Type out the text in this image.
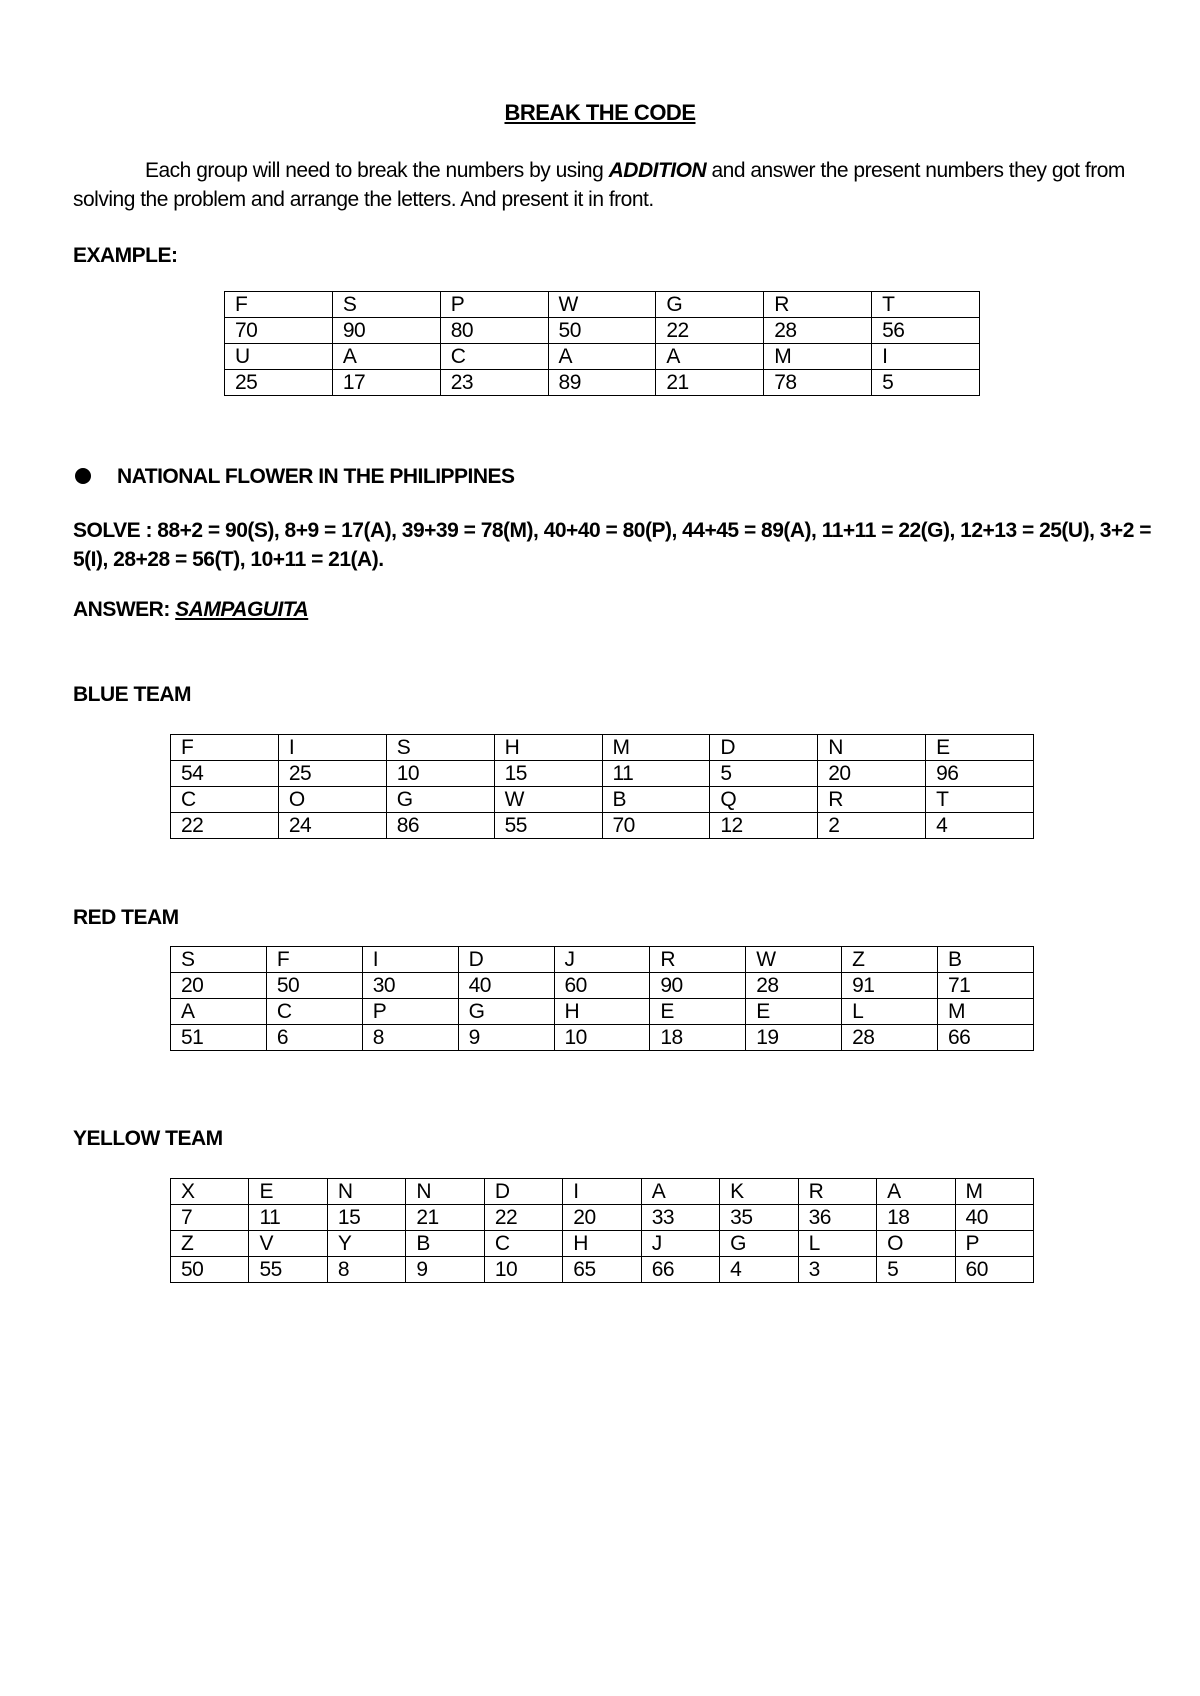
BREAK THE CODE
Each group will need to break the numbers by using ADDITION and answer the present numbers they got from solving the problem and arrange the letters. And present it in front.
EXAMPLE:
F	S	P	W	G	R	T
70	90	80	50	22	28	56
U	A	C	A	A	M	I
25	17	23	89	21	78	5
NATIONAL FLOWER IN THE PHILIPPINES
SOLVE : 88+2 = 90(S), 8+9 = 17(A), 39+39 = 78(M), 40+40 = 80(P), 44+45 = 89(A), 11+11 = 22(G), 12+13 = 25(U), 3+2 = 5(I), 28+28 = 56(T), 10+11 = 21(A).
ANSWER: SAMPAGUITA
BLUE TEAM
F	I	S	H	M	D	N	E
54	25	10	15	11	5	20	96
C	O	G	W	B	Q	R	T
22	24	86	55	70	12	2	4
RED TEAM
S	F	I	D	J	R	W	Z	B
20	50	30	40	60	90	28	91	71
A	C	P	G	H	E	E	L	M
51	6	8	9	10	18	19	28	66
YELLOW TEAM
X	E	N	N	D	I	A	K	R	A	M
7	11	15	21	22	20	33	35	36	18	40
Z	V	Y	B	C	H	J	G	L	O	P
50	55	8	9	10	65	66	4	3	5	60
